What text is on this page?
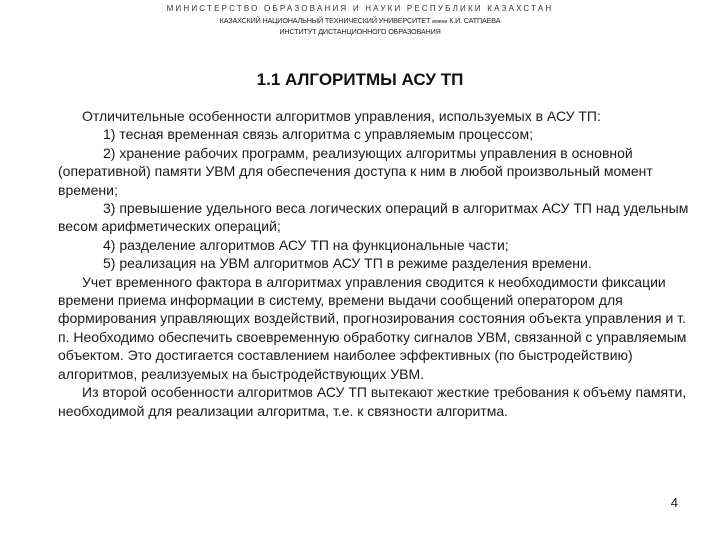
МИНИСТЕРСТВО ОБРАЗОВАНИЯ И НАУКИ РЕСПУБЛИКИ КАЗАХСТАН
КАЗАХСКИЙ НАЦИОНАЛЬНЫЙ ТЕХНИЧЕСКИЙ УНИВЕРСИТЕТ имени К.И. САТПАЕВА
ИНСТИТУТ ДИСТАНЦИОННОГО ОБРАЗОВАНИЯ
1.1 АЛГОРИТМЫ АСУ ТП

Отличительные особенности алгоритмов управления, используемых в АСУ ТП:

1) тесная временная связь алгоритма с управляемым процессом;

2) хранение рабочих программ, реализующих алгоритмы управления в основной (оперативной) памяти УВМ для обеспечения доступа к ним в любой произвольный момент времени;

3) превышение удельного веса логических операций в алгоритмах АСУ ТП над удельным весом арифметических операций;

4) разделение алгоритмов АСУ ТП на функциональные части;

5) реализация на УВМ алгоритмов АСУ ТП в режиме разделения времени.

Учет временного фактора в алгоритмах управления сводится к необходимости фиксации времени приема информации в систему, времени выдачи сообщений оператором для формирования управляющих воздействий, прогнозирования состояния объекта управления и т. п. Необходимо обеспечить своевременную обработку сигналов УВМ, связанной с управляемым объектом. Это достигается составлением наиболее эффективных (по быстродействию) алгоритмов, реализуемых на быстродействующих УВМ.

Из второй особенности алгоритмов АСУ ТП вытекают жесткие требования к объему памяти, необходимой для реализации алгоритма, т.е. к связности алгоритма.

4
